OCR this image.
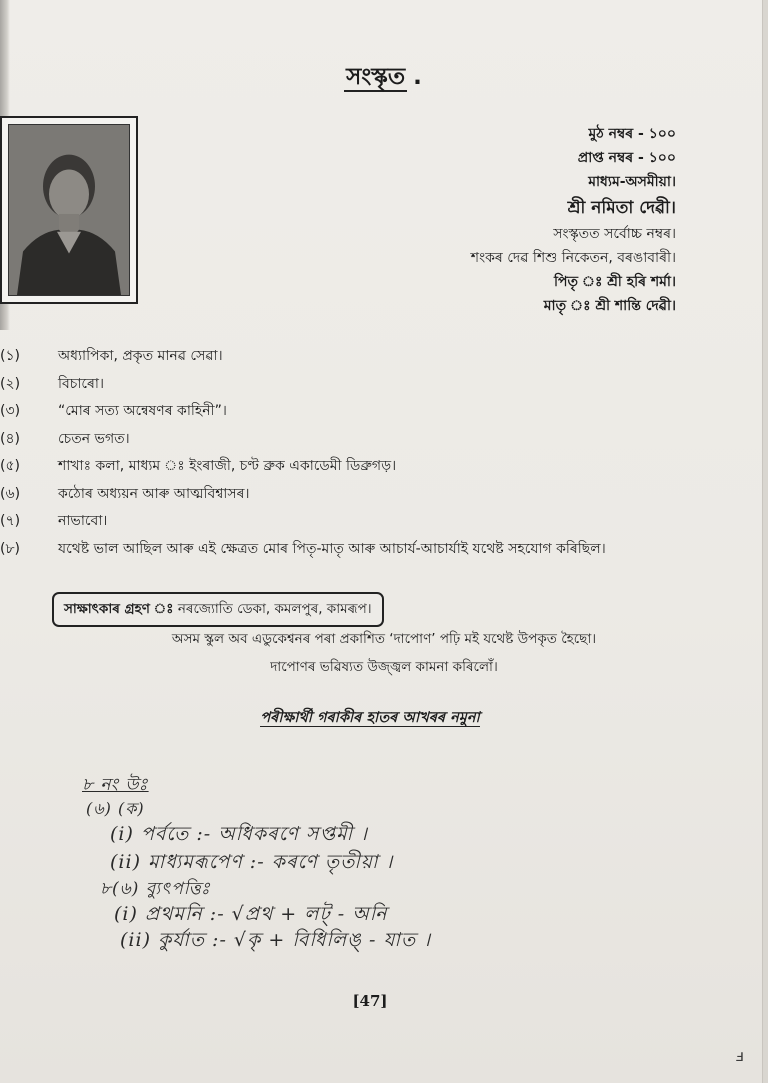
সংস্কৃত .
মুঠ নম্বৰ - ১০০
প্ৰাপ্ত নম্বৰ - ১০০
মাধ্যম-অসমীয়া।
শ্ৰী নমিতা দেৱী।
সংস্কৃতত সৰ্বোচ্চ নম্বৰ।
শংকৰ দেৱ শিশু নিকেতন, বৰঙাবাৰী।
পিতৃ ঃ শ্ৰী হৰি শৰ্মা।
মাতৃ ঃ শ্ৰী শান্তি দেৱী।
(১)	অধ্যাপিকা, প্ৰকৃত মানৱ সেৱা।
(২)	বিচাৰো।
(৩)	“মোৰ সত্য অন্বেষণৰ কাহিনী”।
(৪)	চেতন ভগত।
(৫)	শাখাঃ কলা, মাধ্যম ঃ ইংৰাজী, চণ্ট ব্ৰুক একাডেমী ডিব্ৰুগড়।
(৬)	কঠোৰ অধ্যয়ন আৰু আত্মবিশ্বাসৰ।
(৭)	নাভাবো।
(৮)	যথেষ্ট ভাল আছিল আৰু এই ক্ষেত্ৰত মোৰ পিতৃ-মাতৃ আৰু আচাৰ্য-আচাৰ্যাই যথেষ্ট সহযোগ কৰিছিল।
সাক্ষাৎকাৰ গ্ৰহণ ঃ নৰজ্যোতি ডেকা, কমলপুৰ, কামৰূপ।
অসম স্কুল অব এডুকেশ্বনৰ পৰা প্ৰকাশিত ‘দাপোণ’ পঢ়ি মই যথেষ্ট উপকৃত হৈছো।
দাপোণৰ ভৱিষ্যত উজ্জ্বল কামনা কৰিলোঁ।
পৰীক্ষাৰ্থী গৰাকীৰ হাতৰ আখৰৰ নমুনা
৮ নং উঃ
(৬) (ক)
(i) পৰ্বতে :- অধিকৰণে সপ্তমী ।
(ii) মাধ্যমৰূপেণ :- কৰণে তৃতীয়া ।
৮(৬) ব্যুৎপত্তিঃ
(i) প্ৰথমনি :- √প্ৰথ + লট্ - অনি
(ii) কুৰ্যাত :- √কৃ + বিধিলিঙ্ - যাত ।
[47]
ⅎ
